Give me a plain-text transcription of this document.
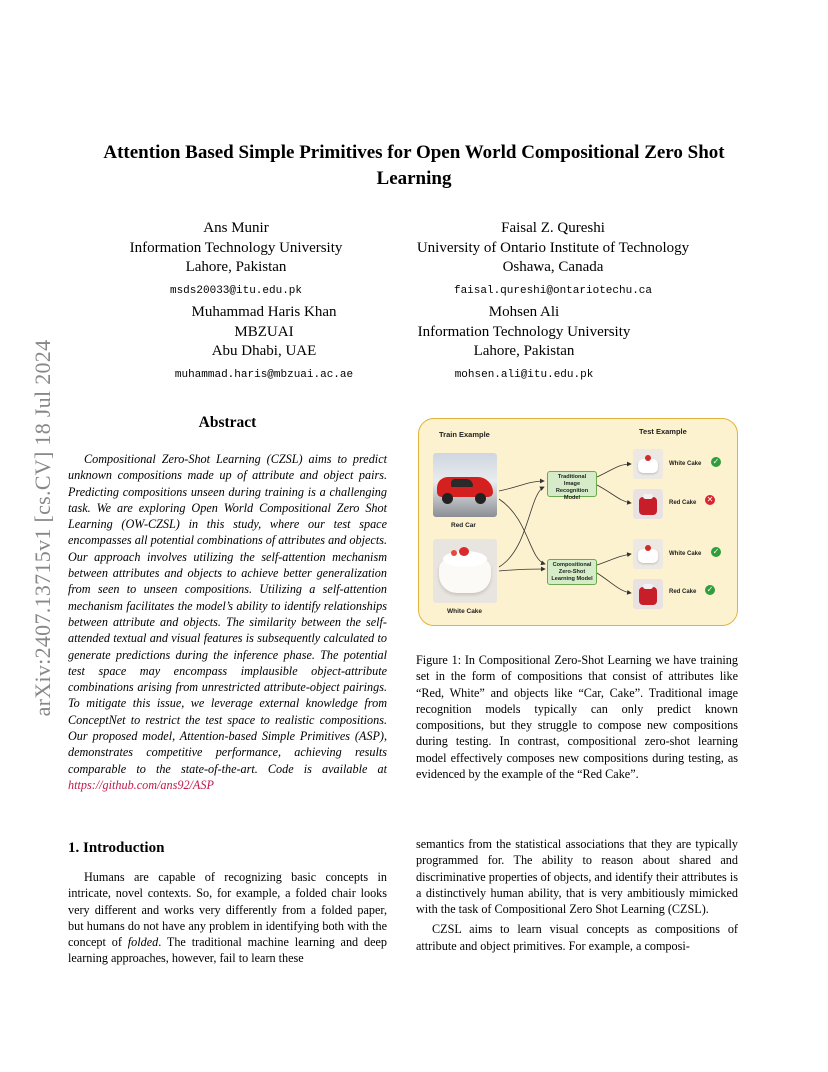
arXiv:2407.13715v1 [cs.CV] 18 Jul 2024
Attention Based Simple Primitives for Open World Compositional Zero Shot Learning
Ans Munir
Information Technology University
Lahore, Pakistan
msds20033@itu.edu.pk
Faisal Z. Qureshi
University of Ontario Institute of Technology
Oshawa, Canada
faisal.qureshi@ontariotechu.ca
Muhammad Haris Khan
MBZUAI
Abu Dhabi, UAE
muhammad.haris@mbzuai.ac.ae
Mohsen Ali
Information Technology University
Lahore, Pakistan
mohsen.ali@itu.edu.pk
Abstract

Compositional Zero-Shot Learning (CZSL) aims to predict unknown compositions made up of attribute and object pairs. Predicting compositions unseen during training is a challenging task. We are exploring Open World Compositional Zero Shot Learning (OW-CZSL) in this study, where our test space encompasses all potential combinations of attributes and objects. Our approach involves utilizing the self-attention mechanism between attributes and objects to achieve better generalization from seen to unseen compositions. Utilizing a self-attention mechanism facilitates the model’s ability to identify relationships between attribute and objects. The similarity between the self-attended textual and visual features is subsequently calculated to generate predictions during the inference phase. The potential test space may encompass implausible object-attribute combinations arising from unrestricted attribute-object pairings. To mitigate this issue, we leverage external knowledge from ConceptNet to restrict the test space to realistic compositions. Our proposed model, Attention-based Simple Primitives (ASP), demonstrates competitive performance, achieving results comparable to the state-of-the-art. Code is available at https://github.com/ans92/ASP

Train Example	Test Example
Red Car
White Cake
Traditional Image Recognition Model
Compositional Zero-Shot Learning Model
White Cake ✓
Red Cake ✕
White Cake ✓
Red Cake ✓
Figure 1: In Compositional Zero-Shot Learning we have training set in the form of compositions that consist of attributes like “Red, White” and objects like “Car, Cake”. Traditional image recognition models typically can only predict known compositions, but they struggle to compose new compositions during testing. In contrast, compositional zero-shot learning model effectively composes new compositions during testing, as evidenced by the example of the “Red Cake”.
1. Introduction

Humans are capable of recognizing basic concepts in intricate, novel contexts. So, for example, a folded chair looks very different and works very differently from a folded paper, but humans do not have any problem in identifying both with the concept of folded. The traditional machine learning and deep learning approaches, however, fail to learn these

semantics from the statistical associations that they are typically programmed for. The ability to reason about shared and discriminative properties of objects, and identify their attributes is a distinctively human ability, that is very ambitiously mimicked with the task of Compositional Zero Shot Learning (CZSL).

CZSL aims to learn visual concepts as compositions of attribute and object primitives. For example, a composi-
